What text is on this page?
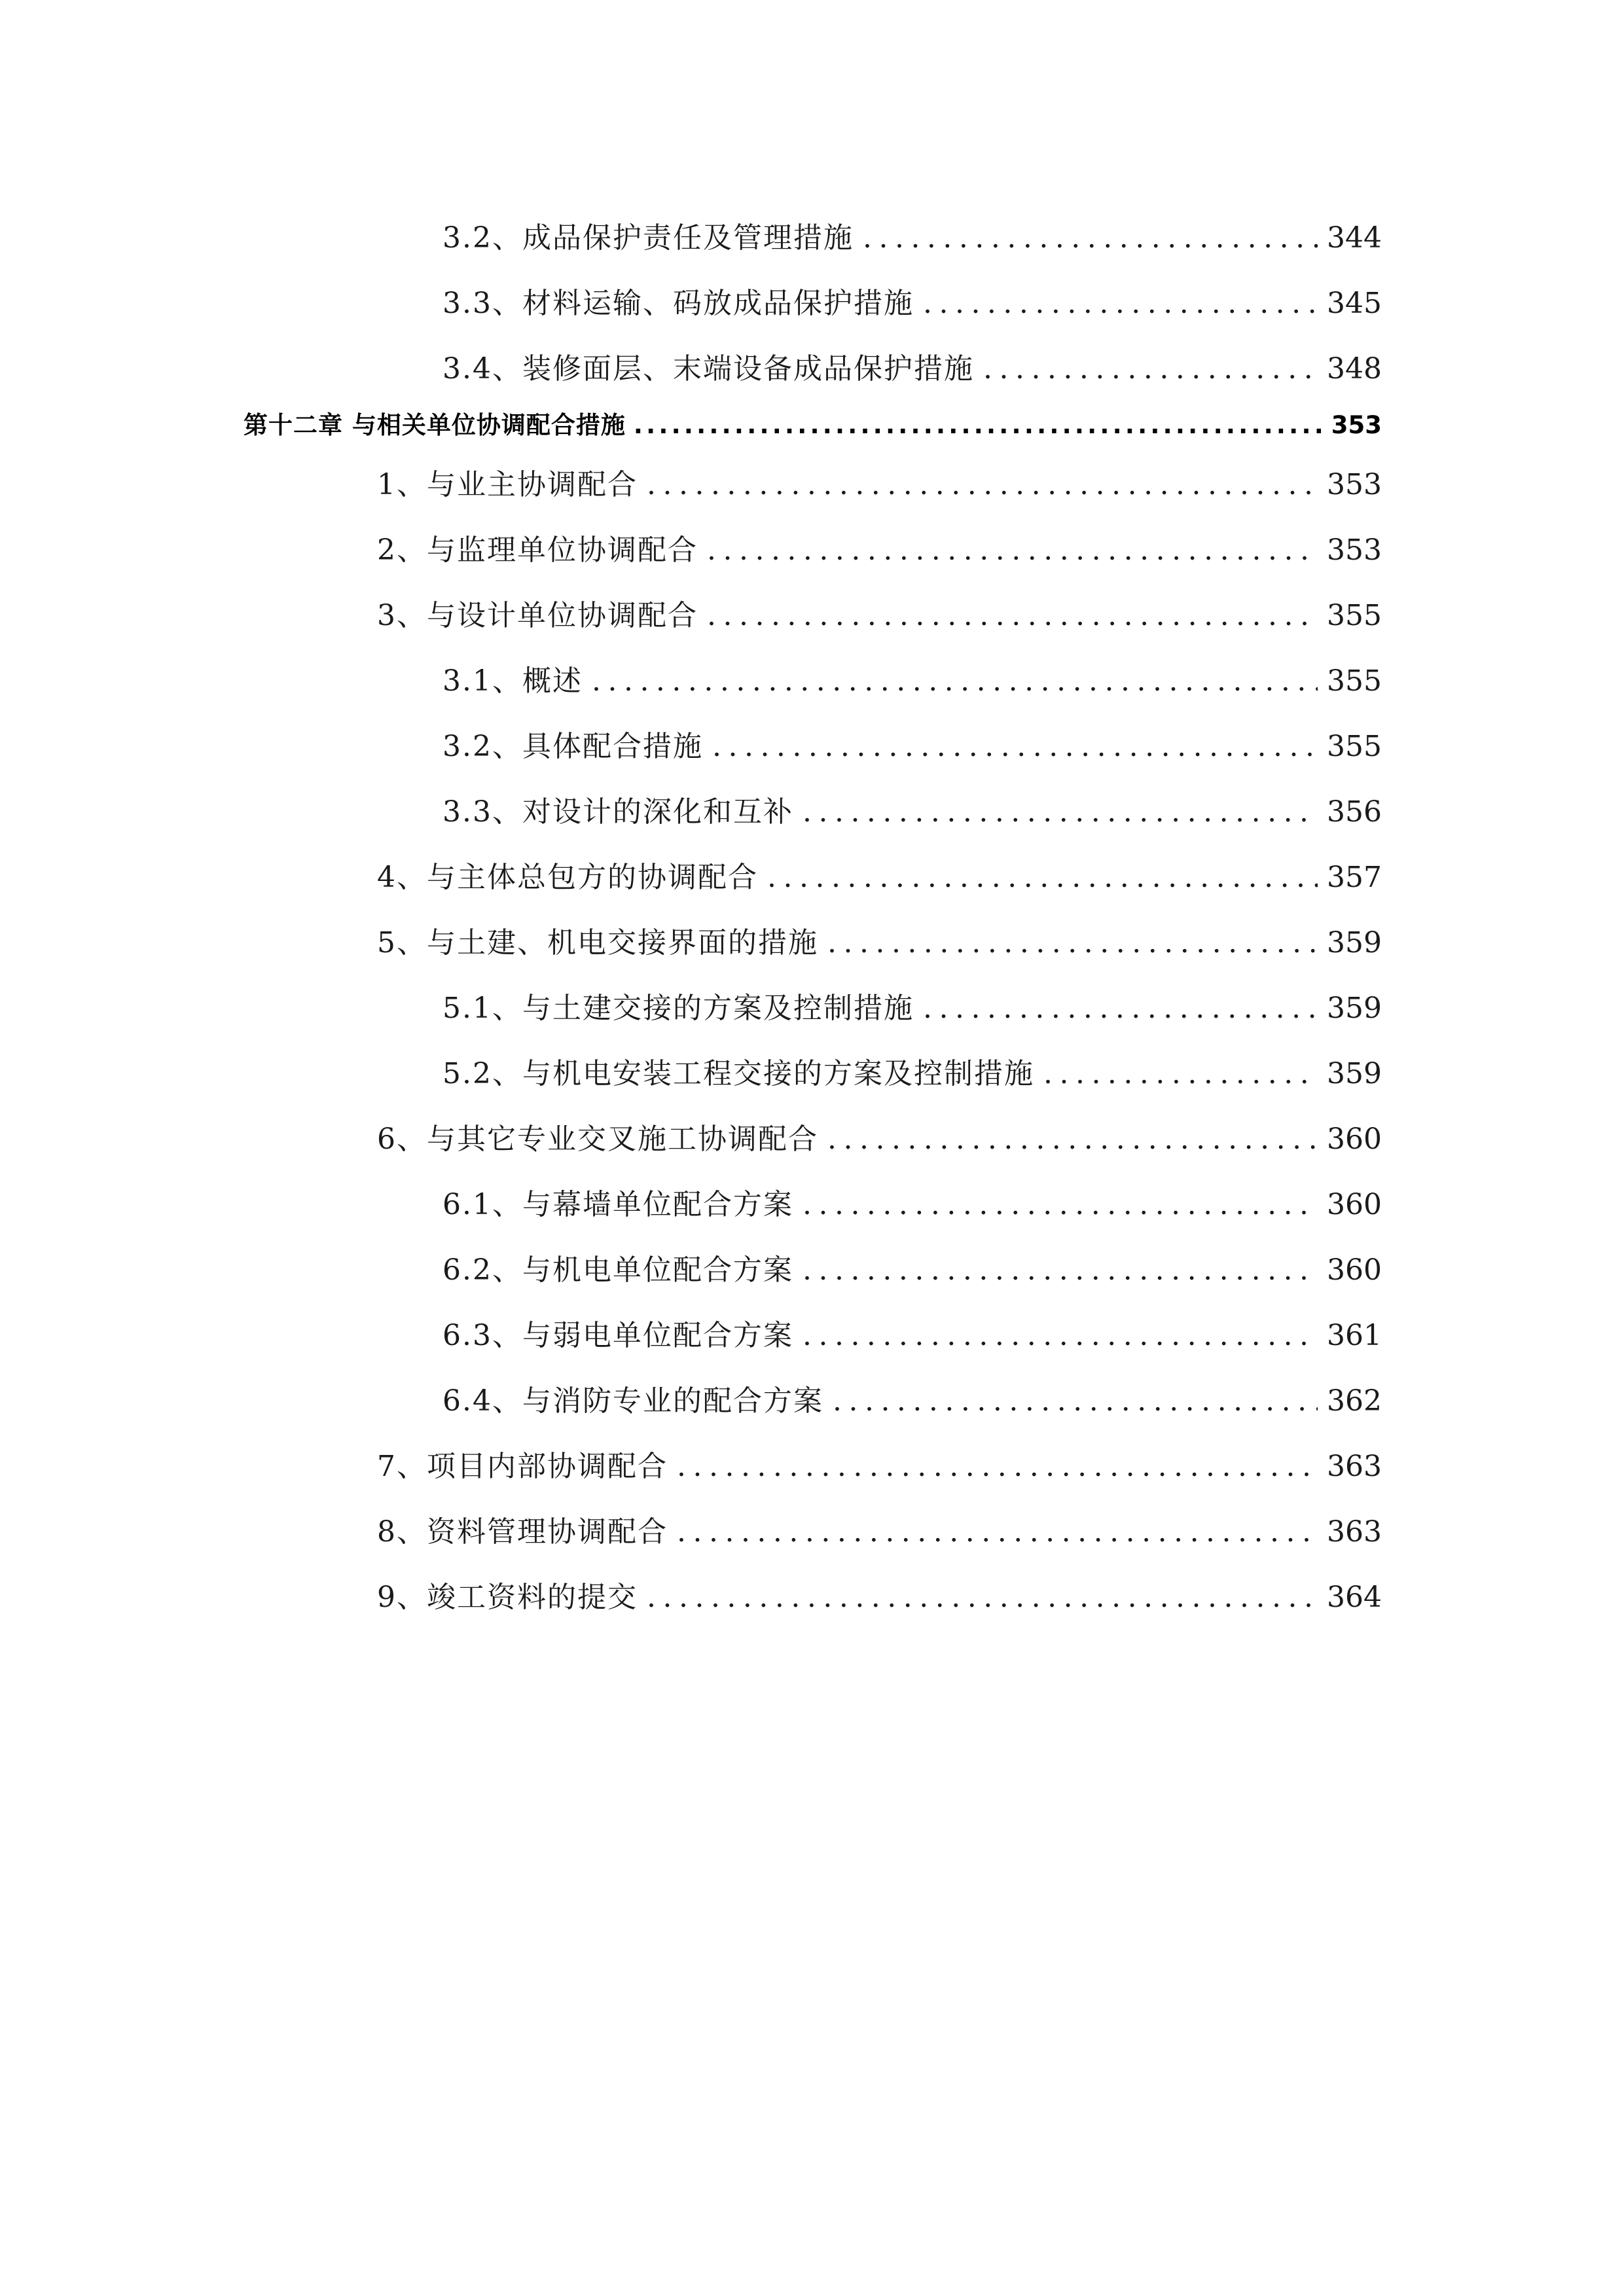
3.2、成品保护责任及管理措施 .....	344
3.3、材料运输、码放成品保护措施 .....	345
3.4、装修面层、末端设备成品保护措施 .....	348
第十二章 与相关单位协调配合措施 .....	353
1、与业主协调配合 .....	353
2、与监理单位协调配合 .....	353
3、与设计单位协调配合 .....	355
3.1、概述 .....	355
3.2、具体配合措施 .....	355
3.3、对设计的深化和互补 .....	356
4、与主体总包方的协调配合 .....	357
5、与土建、机电交接界面的措施 .....	359
5.1、与土建交接的方案及控制措施 .....	359
5.2、与机电安装工程交接的方案及控制措施 .....	359
6、与其它专业交叉施工协调配合 .....	360
6.1、与幕墙单位配合方案 .....	360
6.2、与机电单位配合方案 .....	360
6.3、与弱电单位配合方案 .....	361
6.4、与消防专业的配合方案 .....	362
7、项目内部协调配合 .....	363
8、资料管理协调配合 .....	363
9、竣工资料的提交 .....	364
